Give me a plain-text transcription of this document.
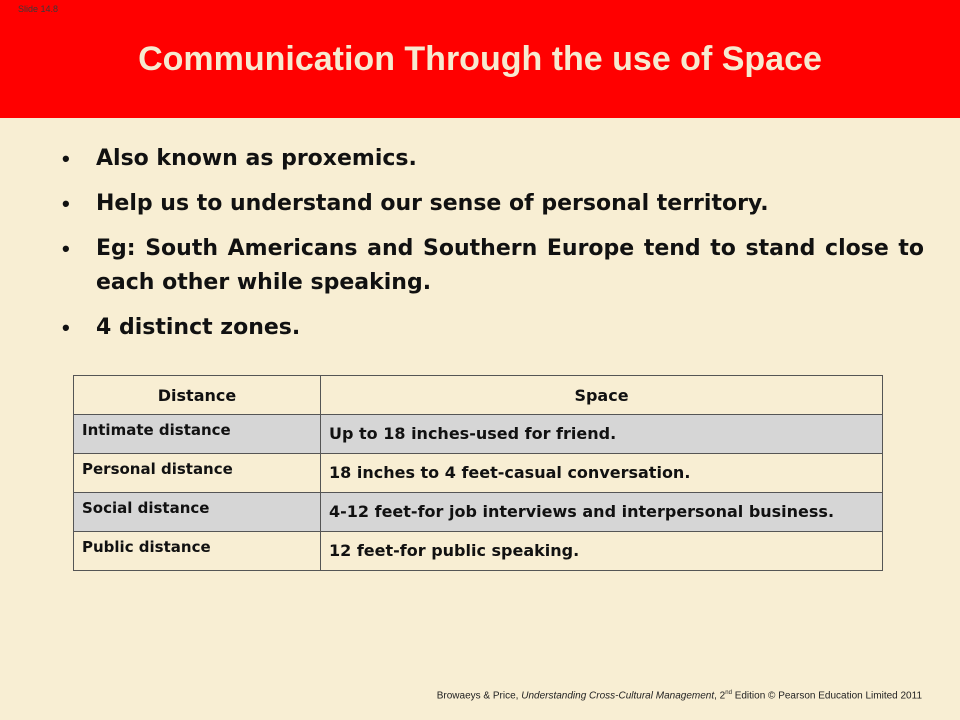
Slide 14.8
Communication Through the use of Space
• Also known as proxemics.
• Help us to understand our sense of personal territory.
• Eg: South Americans and Southern Europe tend to stand close to each other while speaking.
• 4 distinct zones.
Distance	Space
Intimate distance	Up to 18 inches-used for friend.
Personal distance	18 inches to 4 feet-casual conversation.
Social distance	4-12 feet-for job interviews and interpersonal business.
Public distance	12 feet-for public speaking.
Browaeys & Price, Understanding Cross-Cultural Management, 2nd Edition © Pearson Education Limited 2011
